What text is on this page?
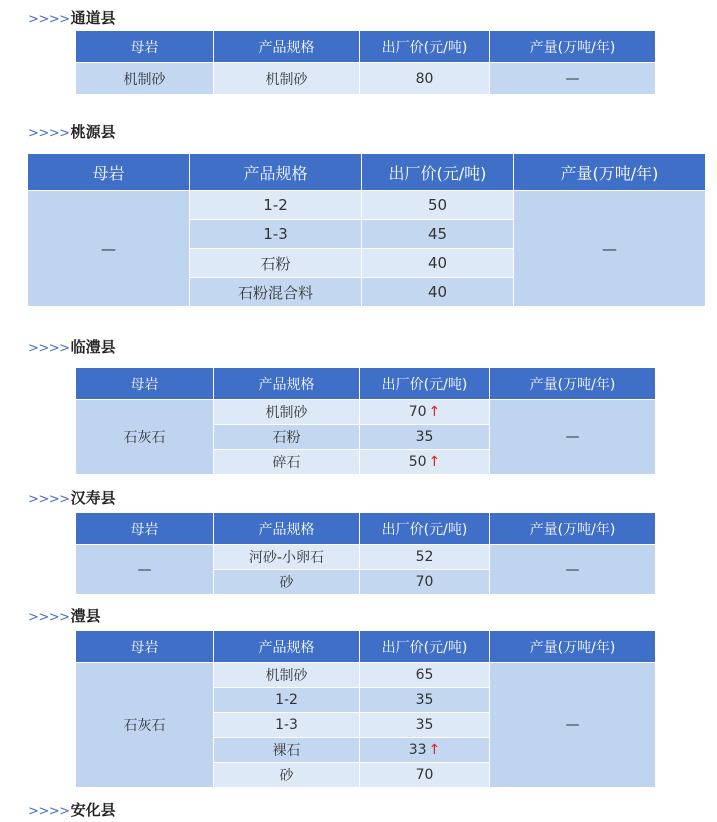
>>>>通道县
母岩	产品规格	出厂价(元/吨)	产量(万吨/年)
机制砂	机制砂	80	—
>>>>桃源县
母岩	产品规格	出厂价(元/吨)	产量(万吨/年)
—	1-2	50	—
	1-3	45	
	石粉	40	
	石粉混合料	40	
>>>>临澧县
母岩	产品规格	出厂价(元/吨)	产量(万吨/年)
石灰石	机制砂	70 ↑	—
	石粉	35	
	碎石	50 ↑	
>>>>汉寿县
母岩	产品规格	出厂价(元/吨)	产量(万吨/年)
—	河砂-小卵石	52	—
	砂	70	
>>>>澧县
母岩	产品规格	出厂价(元/吨)	产量(万吨/年)
石灰石	机制砂	65	—
	1-2	35	
	1-3	35	
	裸石	33 ↑	
	砂	70	
>>>>安化县
